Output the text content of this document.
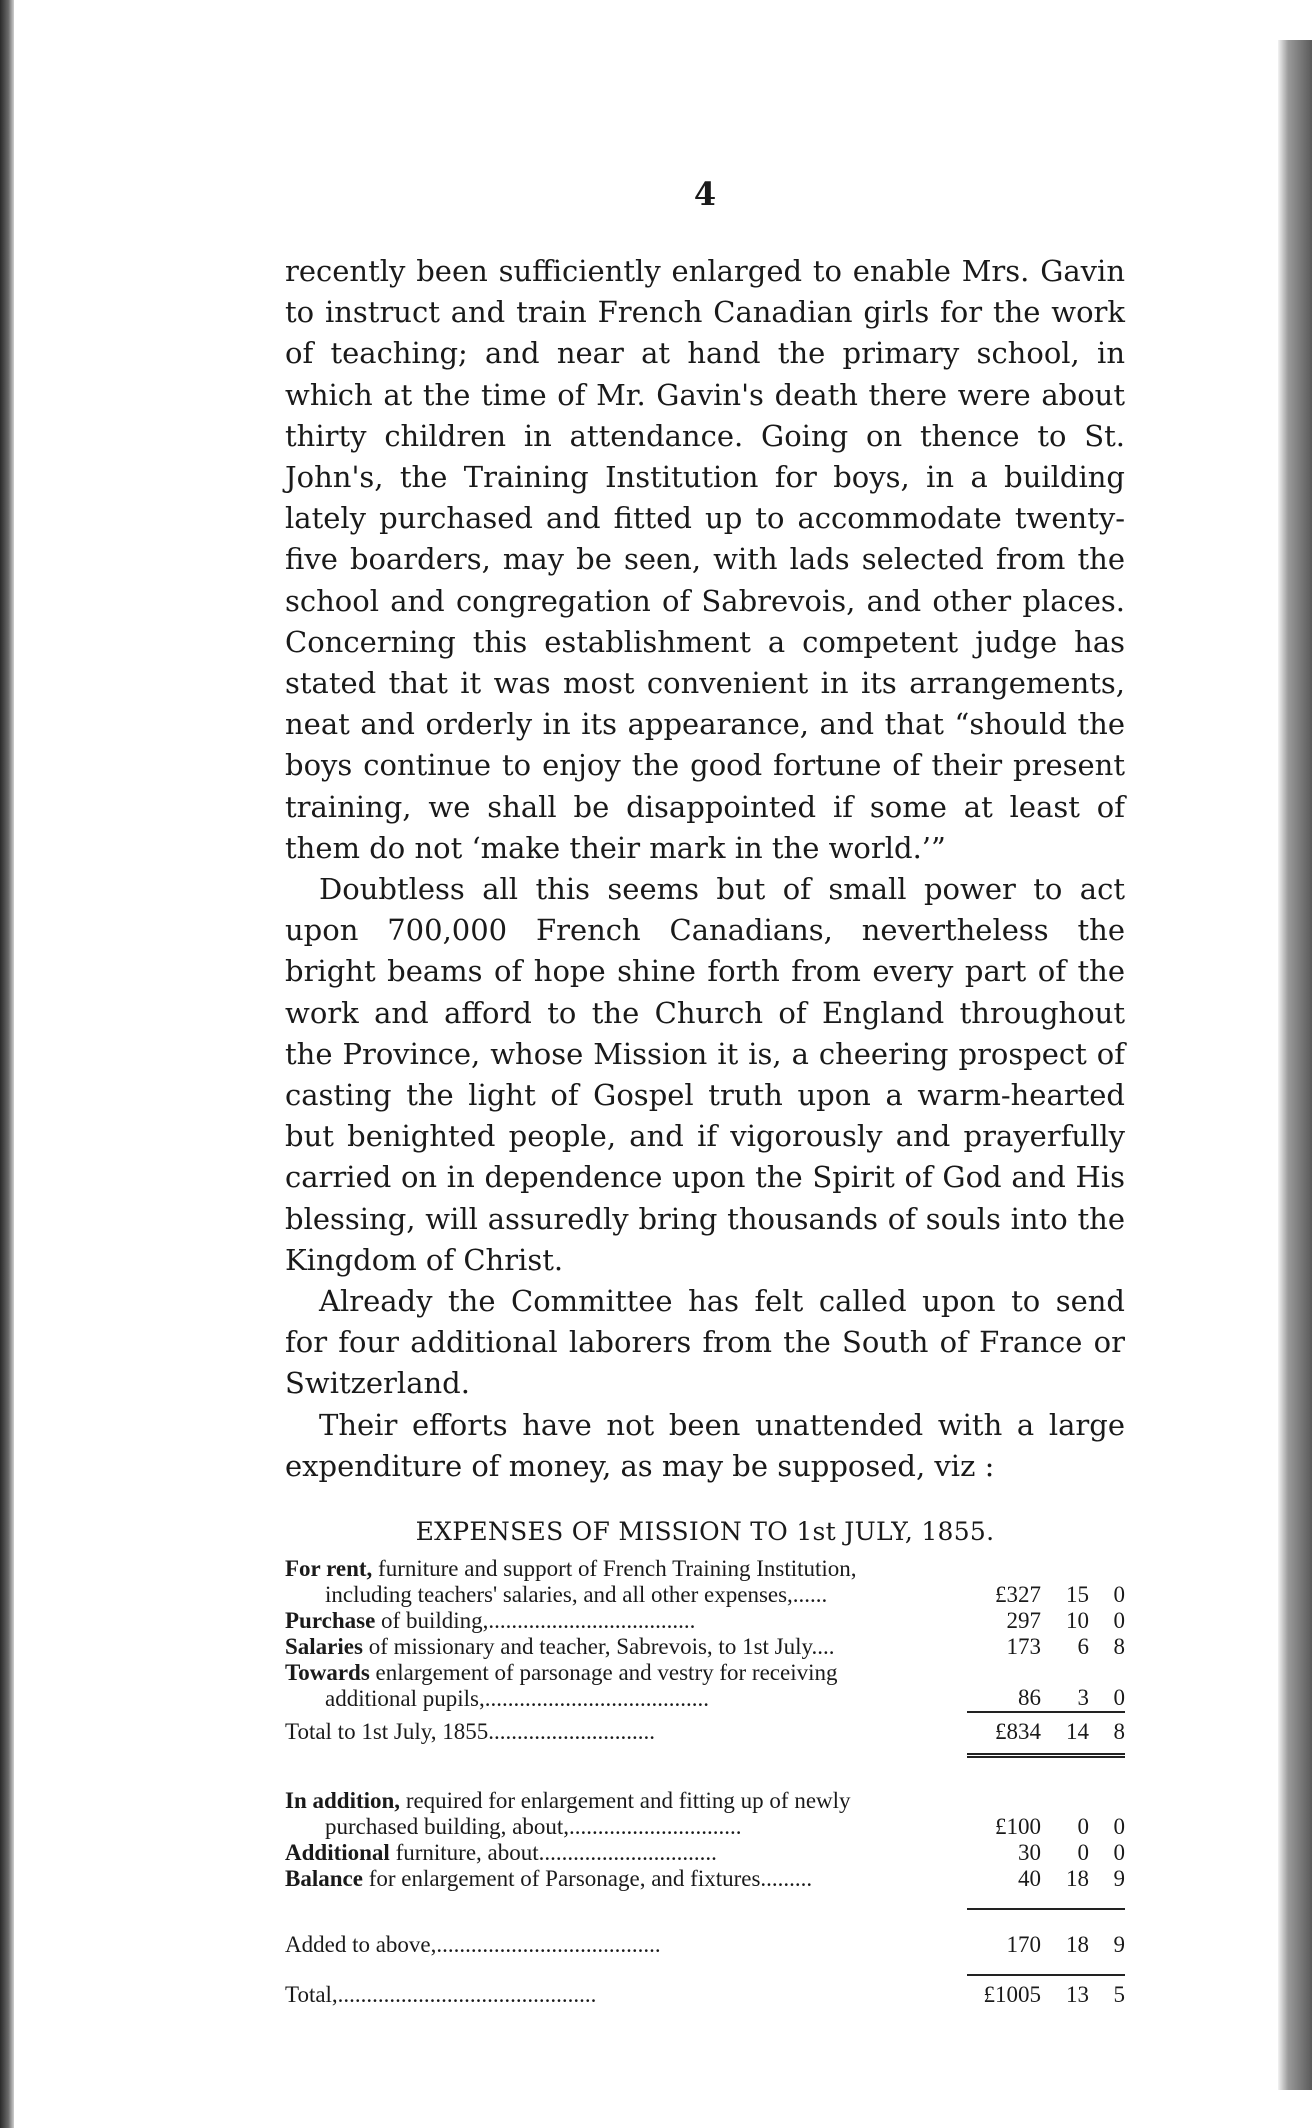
4

recently been sufficiently enlarged to enable Mrs. Gavin to instruct and train French Canadian girls for the work of teaching; and near at hand the primary school, in which at the time of Mr. Gavin's death there were about thirty children in attendance. Going on thence to St. John's, the Training Institution for boys, in a building lately purchased and fitted up to accommodate twenty-five boarders, may be seen, with lads selected from the school and congregation of Sabrevois, and other places. Concerning this establishment a competent judge has stated that it was most convenient in its arrangements, neat and orderly in its appearance, and that “should the boys continue to enjoy the good fortune of their present training, we shall be disappointed if some at least of them do not ‘make their mark in the world.’”

Doubtless all this seems but of small power to act upon 700,000 French Canadians, nevertheless the bright beams of hope shine forth from every part of the work and afford to the Church of England throughout the Province, whose Mission it is, a cheering prospect of casting the light of Gospel truth upon a warm-hearted but benighted people, and if vigorously and prayerfully carried on in dependence upon the Spirit of God and His blessing, will assuredly bring thousands of souls into the Kingdom of Christ.

Already the Committee has felt called upon to send for four additional laborers from the South of France or Switzerland.

Their efforts have not been unattended with a large expenditure of money, as may be supposed, viz :

EXPENSES OF MISSION TO 1st JULY, 1855.
For rent, furniture and support of French Training Institution,
including teachers' salaries, and all other expenses,......	£327	15	0
Purchase of building,....................................	297	10	0
Salaries of missionary and teacher, Sabrevois, to 1st July....	173	6	8
Towards enlargement of parsonage and vestry for receiving
additional pupils,.......................................	86	3	0

Total to 1st July, 1855.............................	£834	14	8

In addition, required for enlargement and fitting up of newly
purchased building, about,..............................	£100	0	0
Additional furniture, about...............................	30	0	0
Balance for enlargement of Parsonage, and fixtures.........	40	18	9

Added to above,.......................................	170	18	9

Total,.............................................	£1005	13	5
